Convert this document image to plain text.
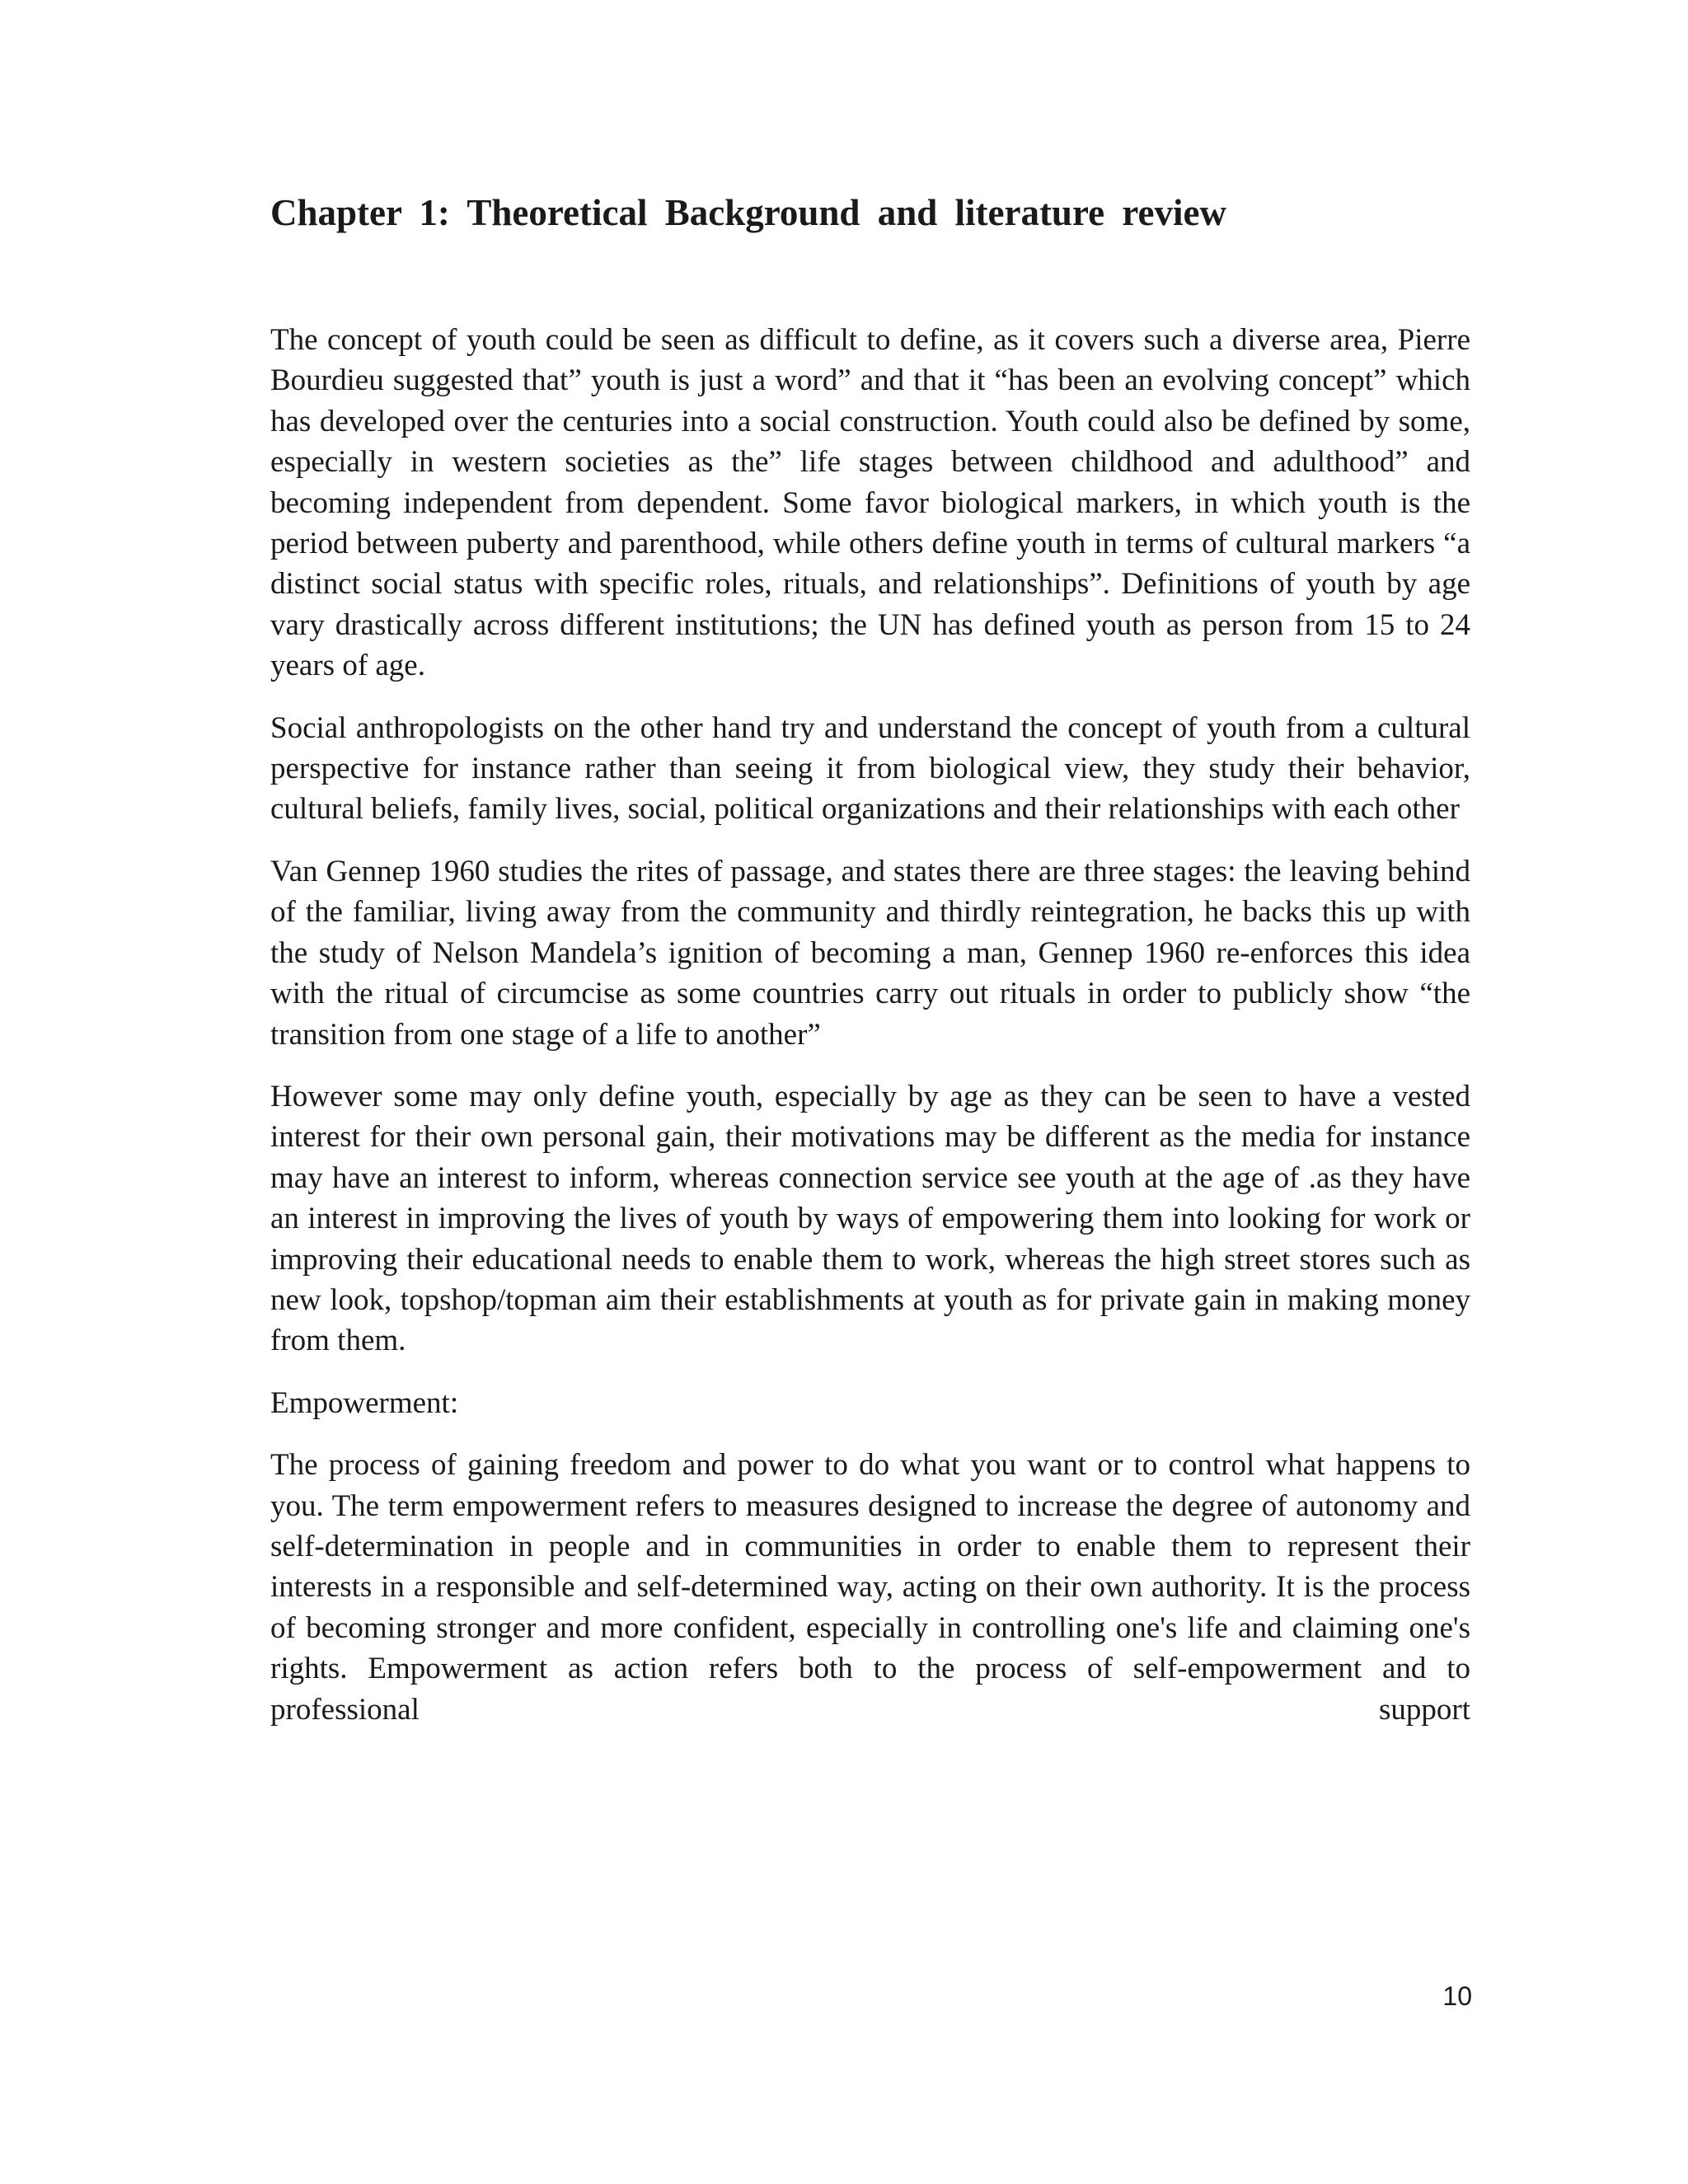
Chapter 1: Theoretical Background and literature review

The concept of youth could be seen as difficult to define, as it covers such a diverse area, Pierre Bourdieu suggested that” youth is just a word” and that it “has been an evolving concept” which has developed over the centuries into a social construction. Youth could also be defined by some, especially in western societies as the” life stages between childhood and adulthood” and becoming independent from dependent. Some favor biological markers, in which youth is the period between puberty and parenthood, while others define youth in terms of cultural markers “a distinct social status with specific roles, rituals, and relationships”. Definitions of youth by age vary drastically across different institutions; the UN has defined youth as person from 15 to 24 years of age.

Social anthropologists on the other hand try and understand the concept of youth from a cultural perspective for instance rather than seeing it from biological view, they study their behavior, cultural beliefs, family lives, social, political organizations and their relationships with each other

Van Gennep 1960 studies the rites of passage, and states there are three stages: the leaving behind of the familiar, living away from the community and thirdly reintegration, he backs this up with the study of Nelson Mandela’s ignition of becoming a man, Gennep 1960 re-enforces this idea with the ritual of circumcise as some countries carry out rituals in order to publicly show “the transition from one stage of a life to another”

However some may only define youth, especially by age as they can be seen to have a vested interest for their own personal gain, their motivations may be different as the media for instance may have an interest to inform, whereas connection service see youth at the age of .as they have an interest in improving the lives of youth by ways of empowering them into looking for work or improving their educational needs to enable them to work, whereas the high street stores such as new look, topshop/topman aim their establishments at youth as for private gain in making money from them.

Empowerment:

The process of gaining freedom and power to do what you want or to control what happens to you. The term empowerment refers to measures designed to increase the degree of autonomy and self-determination in people and in communities in order to enable them to represent their interests in a responsible and self-determined way, acting on their own authority. It is the process of becoming stronger and more confident, especially in controlling one's life and claiming one's rights. Empowerment as action refers both to the process of self-empowerment and to professional support

10
